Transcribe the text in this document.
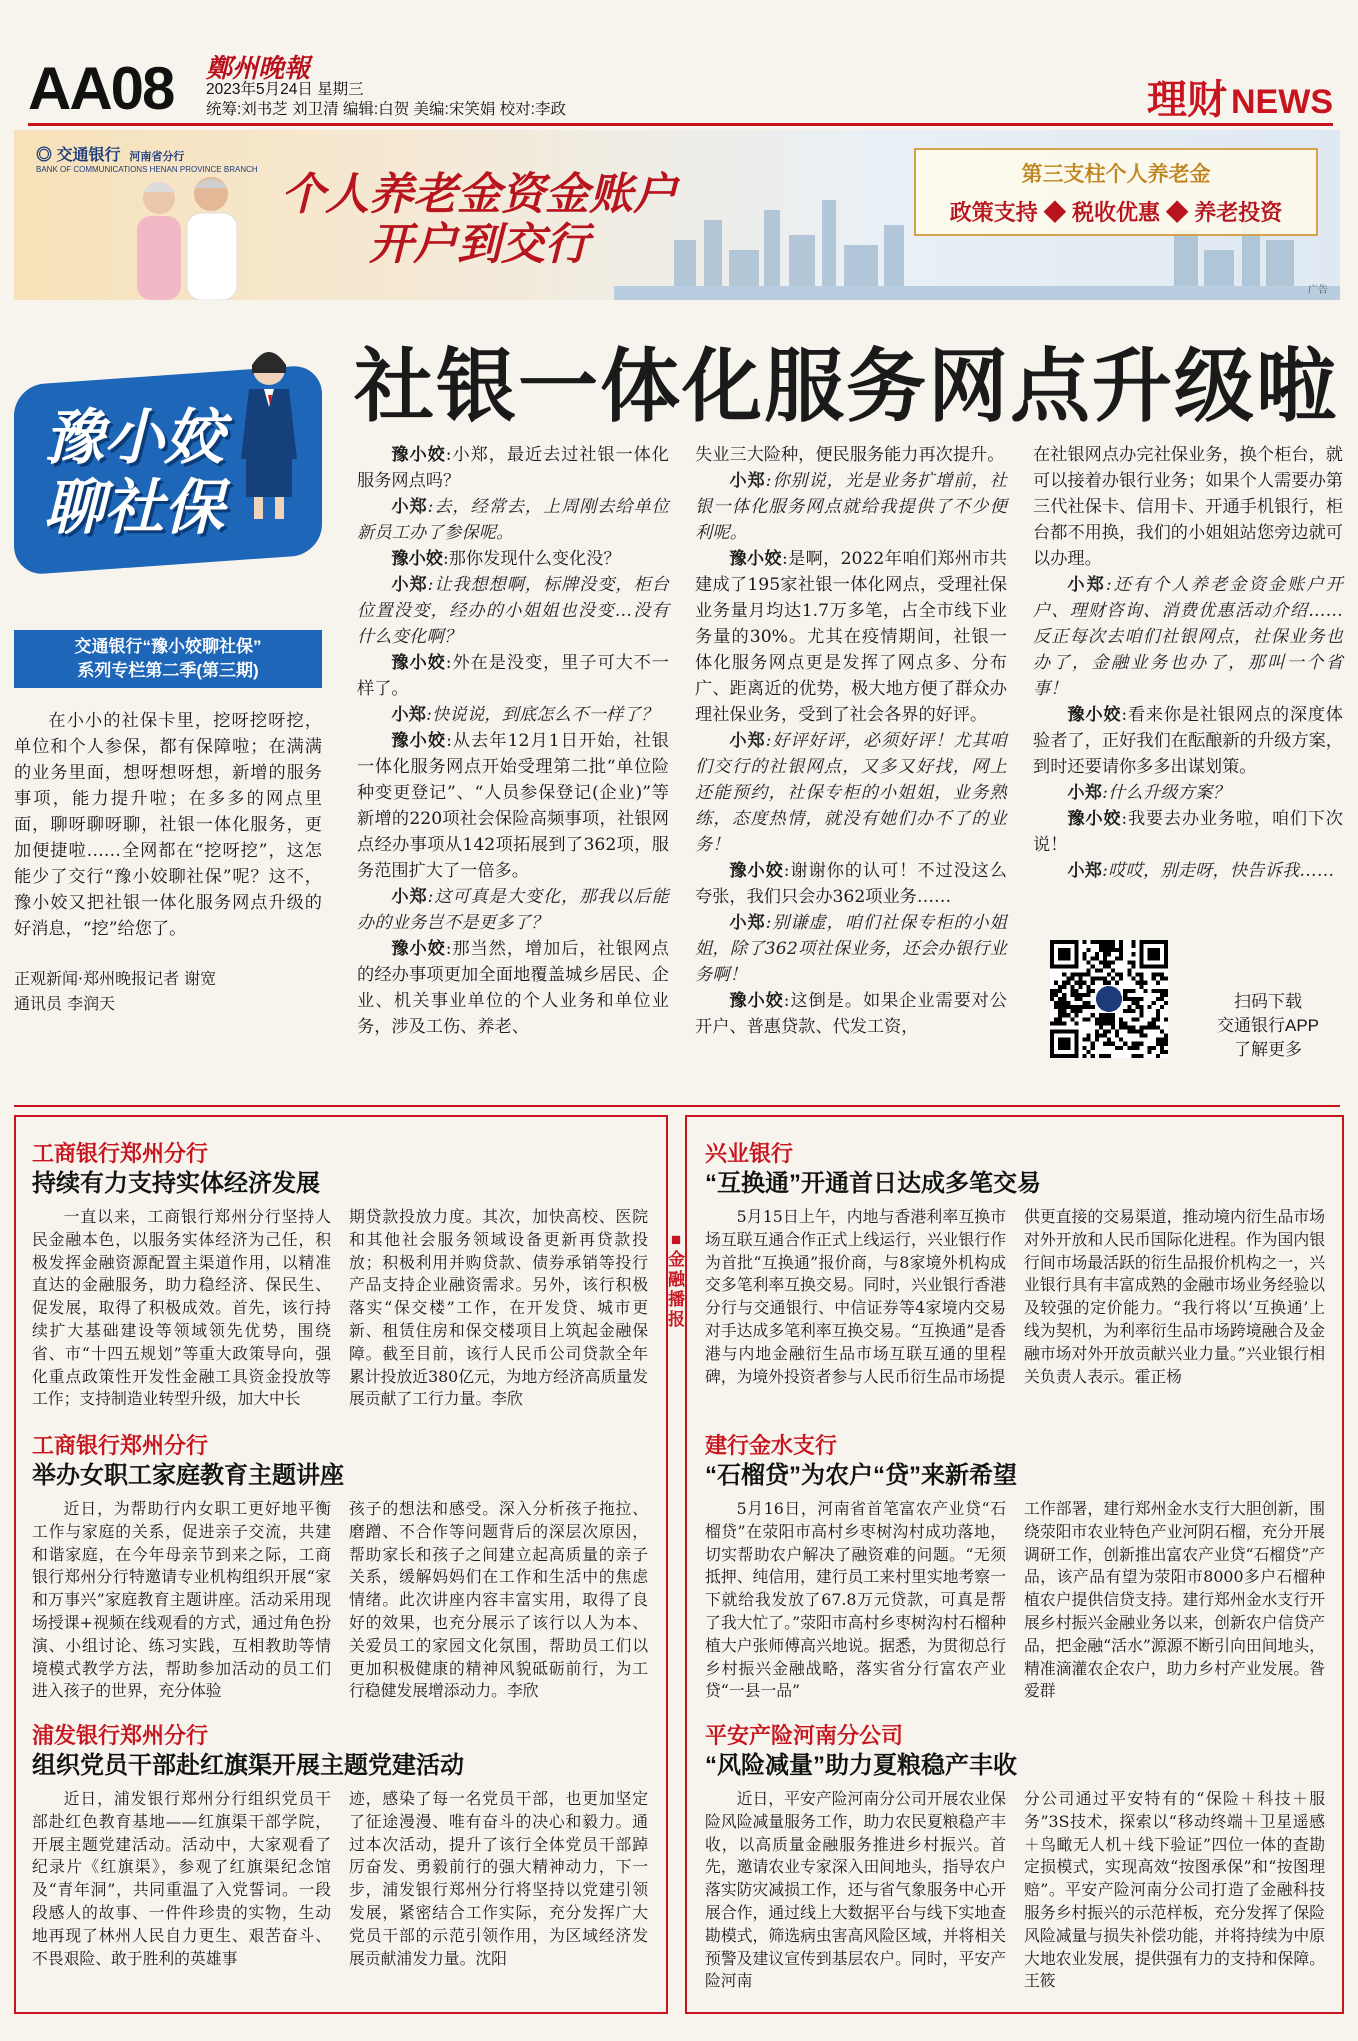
AA08 鄭州晚報
2023年5月24日 星期三
统筹:刘书芝 刘卫清 编辑:白贺 美编:宋笑娟 校对:李政	理财 NEWS
◎ 交通银行 河南省分行
BANK OF COMMUNICATIONS HENAN PROVINCE BRANCH 个人养老金资金账户
开户到交行
第三支柱个人养老金
政策支持 ◆ 税收优惠 ◆ 养老投资
广告
社银一体化服务网点升级啦
豫小姣
聊社保
交通银行“豫小姣聊社保”
系列专栏第二季(第三期)

在小小的社保卡里，挖呀挖呀挖，单位和个人参保，都有保障啦；在满满的业务里面，想呀想呀想，新增的服务事项，能力提升啦；在多多的网点里面，聊呀聊呀聊，社银一体化服务，更加便捷啦……全网都在“挖呀挖”，这怎能少了交行“豫小姣聊社保”呢？这不，豫小姣又把社银一体化服务网点升级的好消息，“挖”给您了。

正观新闻·郑州晚报记者 谢宽
通讯员 李润天

豫小姣:小郑，最近去过社银一体化服务网点吗？

小郑:去，经常去，上周刚去给单位新员工办了参保呢。

豫小姣:那你发现什么变化没？

小郑:让我想想啊，标牌没变，柜台位置没变，经办的小姐姐也没变…没有什么变化啊？

豫小姣:外在是没变，里子可大不一样了。

小郑:快说说，到底怎么不一样了？

豫小姣:从去年12月1日开始，社银一体化服务网点开始受理第二批“单位险种变更登记”、“人员参保登记(企业)”等新增的220项社会保险高频事项，社银网点经办事项从142项拓展到了362项，服务范围扩大了一倍多。

小郑:这可真是大变化，那我以后能办的业务岂不是更多了？

豫小姣:那当然，增加后，社银网点的经办事项更加全面地覆盖城乡居民、企业、机关事业单位的个人业务和单位业务，涉及工伤、养老、

失业三大险种，便民服务能力再次提升。

小郑:你别说，光是业务扩增前，社银一体化服务网点就给我提供了不少便利呢。

豫小姣:是啊，2022年咱们郑州市共建成了195家社银一体化网点，受理社保业务量月均达1.7万多笔，占全市线下业务量的30%。尤其在疫情期间，社银一体化服务网点更是发挥了网点多、分布广、距离近的优势，极大地方便了群众办理社保业务，受到了社会各界的好评。

小郑:好评好评，必须好评！尤其咱们交行的社银网点，又多又好找，网上还能预约，社保专柜的小姐姐，业务熟练，态度热情，就没有她们办不了的业务！

豫小姣:谢谢你的认可！不过没这么夸张，我们只会办362项业务……

小郑:别谦虚，咱们社保专柜的小姐姐，除了362项社保业务，还会办银行业务啊！

豫小姣:这倒是。如果企业需要对公开户、普惠贷款、代发工资，

在社银网点办完社保业务，换个柜台，就可以接着办银行业务；如果个人需要办第三代社保卡、信用卡、开通手机银行，柜台都不用换，我们的小姐姐站您旁边就可以办理。

小郑:还有个人养老金资金账户开户、理财咨询、消费优惠活动介绍……反正每次去咱们社银网点，社保业务也办了，金融业务也办了，那叫一个省事！

豫小姣:看来你是社银网点的深度体验者了，正好我们在酝酿新的升级方案，到时还要请你多多出谋划策。

小郑:什么升级方案？

豫小姣:我要去办业务啦，咱们下次说！

小郑:哎哎，别走呀，快告诉我……

扫码下载
交通银行APP
了解更多
■
金
融
播
报
工商银行郑州分行
持续有力支持实体经济发展

一直以来，工商银行郑州分行坚持人民金融本色，以服务实体经济为己任，积极发挥金融资源配置主渠道作用，以精准直达的金融服务，助力稳经济、保民生、促发展，取得了积极成效。首先，该行持续扩大基础建设等领域领先优势，围绕省、市“十四五规划”等重大政策导向，强化重点政策性开发性金融工具资金投放等工作；支持制造业转型升级，加大中长

期贷款投放力度。其次，加快高校、医院和其他社会服务领域设备更新再贷款投放；积极利用并购贷款、债券承销等投行产品支持企业融资需求。另外，该行积极落实“保交楼”工作，在开发贷、城市更新、租赁住房和保交楼项目上筑起金融保障。截至目前，该行人民币公司贷款全年累计投放近380亿元，为地方经济高质量发展贡献了工行力量。李欣

工商银行郑州分行
举办女职工家庭教育主题讲座

近日，为帮助行内女职工更好地平衡工作与家庭的关系，促进亲子交流，共建和谐家庭，在今年母亲节到来之际，工商银行郑州分行特邀请专业机构组织开展“家和万事兴”家庭教育主题讲座。活动采用现场授课+视频在线观看的方式，通过角色扮演、小组讨论、练习实践，互相教助等情境模式教学方法，帮助参加活动的员工们进入孩子的世界，充分体验

孩子的想法和感受。深入分析孩子拖拉、磨蹭、不合作等问题背后的深层次原因，帮助家长和孩子之间建立起高质量的亲子关系，缓解妈妈们在工作和生活中的焦虑情绪。此次讲座内容丰富实用，取得了良好的效果，也充分展示了该行以人为本、关爱员工的家园文化氛围，帮助员工们以更加积极健康的精神风貌砥砺前行，为工行稳健发展增添动力。李欣

浦发银行郑州分行
组织党员干部赴红旗渠开展主题党建活动

近日，浦发银行郑州分行组织党员干部赴红色教育基地——红旗渠干部学院，开展主题党建活动。活动中，大家观看了纪录片《红旗渠》，参观了红旗渠纪念馆及“青年洞”，共同重温了入党誓词。一段段感人的故事、一件件珍贵的实物，生动地再现了林州人民自力更生、艰苦奋斗、不畏艰险、敢于胜利的英雄事

迹，感染了每一名党员干部，也更加坚定了征途漫漫、唯有奋斗的决心和毅力。通过本次活动，提升了该行全体党员干部踔厉奋发、勇毅前行的强大精神动力，下一步，浦发银行郑州分行将坚持以党建引领发展，紧密结合工作实际，充分发挥广大党员干部的示范引领作用，为区域经济发展贡献浦发力量。沈阳

兴业银行
“互换通”开通首日达成多笔交易

5月15日上午，内地与香港利率互换市场互联互通合作正式上线运行，兴业银行作为首批“互换通”报价商，与8家境外机构成交多笔利率互换交易。同时，兴业银行香港分行与交通银行、中信证券等4家境内交易对手达成多笔利率互换交易。“互换通”是香港与内地金融衍生品市场互联互通的里程碑，为境外投资者参与人民币衍生品市场提

供更直接的交易渠道，推动境内衍生品市场对外开放和人民币国际化进程。作为国内银行间市场最活跃的衍生品报价机构之一，兴业银行具有丰富成熟的金融市场业务经验以及较强的定价能力。“我行将以‘互换通’上线为契机，为利率衍生品市场跨境融合及金融市场对外开放贡献兴业力量。”兴业银行相关负责人表示。霍正杨

建行金水支行
“石榴贷”为农户“贷”来新希望

5月16日，河南省首笔富农产业贷“石榴贷”在荥阳市高村乡枣树沟村成功落地，切实帮助农户解决了融资难的问题。“无须抵押、纯信用，建行员工来村里实地考察一下就给我发放了67.8万元贷款，可真是帮了我大忙了。”荥阳市高村乡枣树沟村石榴种植大户张师傅高兴地说。据悉，为贯彻总行乡村振兴金融战略，落实省分行富农产业贷“一县一品”

工作部署，建行郑州金水支行大胆创新，围绕荥阳市农业特色产业河阴石榴，充分开展调研工作，创新推出富农产业贷“石榴贷”产品，该产品有望为荥阳市8000多户石榴种植农户提供信贷支持。建行郑州金水支行开展乡村振兴金融业务以来，创新农户信贷产品，把金融“活水”源源不断引向田间地头，精准滴灌农企农户，助力乡村产业发展。昝爱群

平安产险河南分公司
“风险减量”助力夏粮稳产丰收

近日，平安产险河南分公司开展农业保险风险减量服务工作，助力农民夏粮稳产丰收，以高质量金融服务推进乡村振兴。首先，邀请农业专家深入田间地头，指导农户落实防灾减损工作，还与省气象服务中心开展合作，通过线上大数据平台与线下实地查勘模式，筛选病虫害高风险区域，并将相关预警及建议宣传到基层农户。同时，平安产险河南

分公司通过平安特有的“保险＋科技＋服务”3S技术，探索以“移动终端＋卫星遥感＋鸟瞰无人机＋线下验证”四位一体的查勘定损模式，实现高效“按图承保”和“按图理赔”。平安产险河南分公司打造了金融科技服务乡村振兴的示范样板，充分发挥了保险风险减量与损失补偿功能，并将持续为中原大地农业发展，提供强有力的支持和保障。王筱
